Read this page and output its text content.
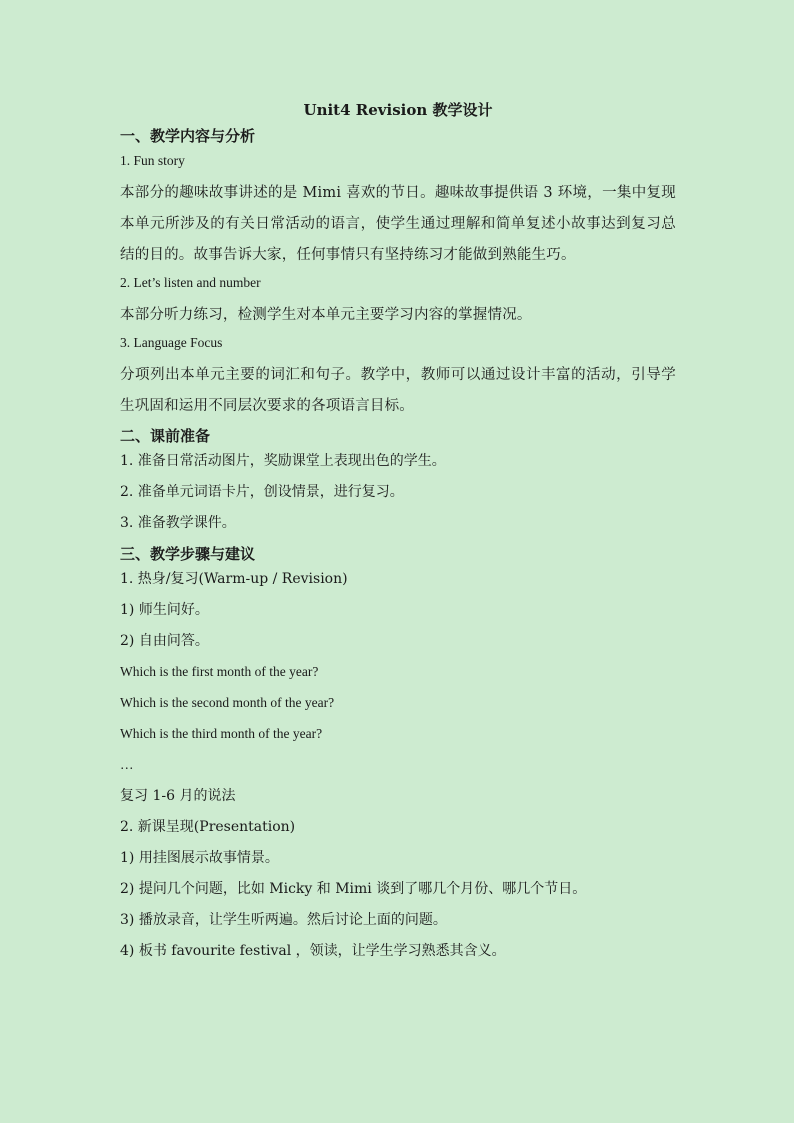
Unit4 Revision 教学设计
一、教学内容与分析
1. Fun story
本部分的趣味故事讲述的是 Mimi 喜欢的节日。趣味故事提供语 3 环境，一集中复现本单元所涉及的有关日常活动的语言，使学生通过理解和简单复述小故事达到复习总结的目的。故事告诉大家，任何事情只有坚持练习才能做到熟能生巧。
2. Let’s listen and number
本部分听力练习，检测学生对本单元主要学习内容的掌握情况。
3. Language Focus
分项列出本单元主要的词汇和句子。教学中，教师可以通过设计丰富的活动，引导学生巩固和运用不同层次要求的各项语言目标。
二、课前准备
1. 准备日常活动图片，奖励课堂上表现出色的学生。
2. 准备单元词语卡片，创设情景，进行复习。
3. 准备教学课件。
三、教学步骤与建议
1. 热身/复习(Warm-up / Revision)
1) 师生问好。
2) 自由问答。
Which is the first month of the year?
Which is the second month of the year?
Which is the third month of the year?
…
复习 1-6 月的说法
2. 新课呈现(Presentation)
1) 用挂图展示故事情景。
2) 提问几个问题，比如 Micky 和 Mimi 谈到了哪几个月份、哪几个节日。
3) 播放录音，让学生听两遍。然后讨论上面的问题。
4) 板书 favourite festival ，领读，让学生学习熟悉其含义。
